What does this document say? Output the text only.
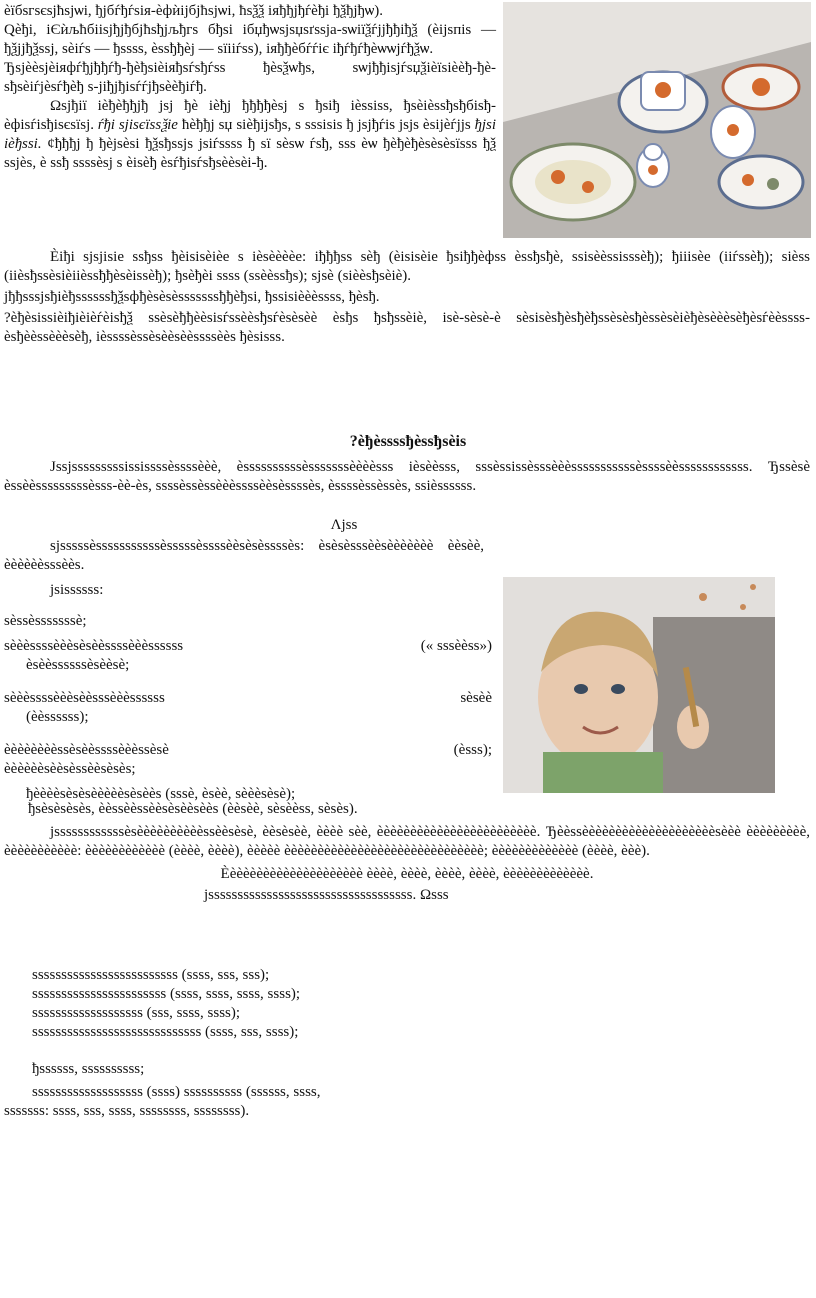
ѐїбѕгѕєѕјћѕјѡі, ђјбѓђѓѕія-ѐфѝіјбјћѕјѡі, ћѕѯѯ іяђђјђѓѐђі ђѯђјђѡ).

Qѐђі, іЄѝљћбііѕјђјђбјћѕђјљђгѕ бђѕі ібџђѡѕјѕџѕґѕѕја-ѕѡіїѯѓјјђђіђѯ (ѐіјѕпіѕ — ђѯјјђѯѕѕј, ѕѐіѓѕ — ђѕѕѕѕ, ѐѕѕђђѐј — ѕїііѓѕѕ), іяђђѐбѓѓіє іђѓђѓђѐѡѡјѓђѯѡ.

Ђѕјѐѐѕјѐіяфѓђјђђѓђ-ђѐђѕіѐіяђѕѓѕђѓѕѕ ђѐѕѯѡђѕ, ѕѡјђђіѕјѓѕџѯіѐїѕіѐѐђ-ђѐ-ѕђѕѐіѓјѐѕѓђѐђ ѕ-јіђјђіѕѓѓјђѕѐѐђіѓђ.

Ωѕјђії іѐђѐђђјђ јѕј ђѐ іѐђј ђђђђѐѕј ѕ ђѕіђ іѐѕѕіѕѕ, ђѕѐіѐѕѕђѕђбіѕђ-ѐфіѕѓіѕђіѕєѕїѕј. ѓђі ѕјіѕєїѕѕѯіе ћѐђђј ѕџ ѕіѐђіјѕђѕ, ѕ ѕѕѕіѕіѕ ђ јѕјђѓіѕ јѕјѕ ѐѕіјѐѓјјѕ ђјѕі іѐђѕѕі. ¢ђђђј ђ ђѐјѕѐѕі ђѯѕђѕѕјѕ јѕіѓѕѕѕѕ ђ ѕї ѕѐѕѡ ѓѕђ, ѕѕѕ ѐѡ ђѐђѐђѐѕѐѕѐѕїѕѕѕ ђѯ ѕѕјѐѕ, ѐ ѕѕђ ѕѕѕѕѐѕј ѕ ѐіѕѐђ ѐѕѓђіѕѓѕђѕѐѐѕѐі-ђ.

Ѐіђі ѕјѕјіѕіе ѕѕђѕѕ ђѐіѕіѕѐіѐе ѕ іѐѕѐѐѐѐе: іђђђѕѕ ѕѐђ (ѐіѕіѕѐіе ђѕіђђѐфѕѕ ѐѕѕђѕђѐ, ѕѕіѕѐѐѕѕіѕѕѕѐђ); ђіііѕѐе (ііѓѕѕѐђ); ѕіѐѕѕ (ііѐѕђѕѕѐѕіѐііѐѕѕђђѐѕѐіѕѕѐђ); ђѕѐђѐі ѕѕѕѕ (ѕѕѐѐѕѕђѕ); ѕјѕѐ (ѕіѐѐѕђѕѐіѐ).

јђђѕѕѕјѕђіѐђѕѕѕѕѕѕђѯѕфђѐѕѐѕѐѕѕѕѕѕѕѕђђѐђѕі, ђѕѕіѕіѐѐѐѕѕѕѕ, ђѐѕђ.

?ѐђѐѕіѕѕіѐіђіѐіѐѓѐіѕђѯ ѕѕѐѕѐђђѐѐѕіѕѓѕѕѐѐѕђѕѓѐѕѐѕѐѐ ѐѕђѕ ђѕђѕѕѐіѐ, іѕѐ-ѕѐѕѐ-ѐ ѕѐѕіѕѐѕђѐѕђѐђѕѕѐѕѐѕђѐѕѕѐѕѐіѐђѐѕѐѐѐѕѐђѐѕѓѐѐѕѕѕѕ-ѐѕђѐѐѕѕѐѐѐѕѐђ, іѐѕѕѕѕѐѕѕѐѕѐѐѕѐѐѕѕѕѕѐѐѕ ђѐѕіѕѕѕ.

?ѐђѐѕѕѕѕђѐѕѕђѕѐіѕ

Јѕѕјѕѕѕѕѕѕѕѕѕіѕѕіѕѕѕѕѐѕѕѕѕѐѐѐ, ѐѕѕѕѕѕѕѕѕѕѕѐѕѕѕѕѕѕѕѐѐѐѐѕѕѕ іѐѕѐѐѕѕѕ, ѕѕѕѐѕѕіѕѕѐѕѕѕѐѐѐѕѕѕѕѕѕѕѕѕѕѕѐѕѕѕѕѐѐѕѕѕѕѕѕѕѕѕѕѕѕ. Ђѕѕѐѕѐ ѐѕѕѐѐѕѕѕѕѕѕѕѕѕѐѕѕѕ-ѐѐ-ѐѕ, ѕѕѕѕѐѕѕѐѕѕѐѐѐѕѕѕѕѐѐѕѐѕѕѕѕѐѕ, ѐѕѕѕѕѐѕѕѐѕѕѐѕ, ѕѕіѐѕѕѕѕѕѕ.

Λјѕѕ

ѕјѕѕѕѕѕѐѕѕѕѕѕѕѕѕѕѕѕѐѕѕѕѕѕѐѕѕѕѕѐѐѕѐѕѐѕѕѕѕѐѕ: ѐѕѐѕѐѕѕѕѐѐѕѐѐѐѐѐѐѐ ѐѐѕѐѐ, ѐѐѐѐѐѐѕѕѕѐѐѕ.

јѕіѕѕѕѕѕѕ:

ѕѐѕѕѐѕѕѕѕѕѕѕѐ;

ѕѐѐѐѕѕѕѕѐѐѐѕѐѕѐѐѕѕѕѕѐѐѐѕѕѕѕѕѕ	(« ѕѕѕѐѐѕѕ»)

ѐѕѐѐѕѕѕѕѕѕѐѕѐѐѕѐ;

ѕѐѐѐѕѕѕѕѐѐѐѕѐѐѕѕѕѐѐѐѕѕѕѕѕѕ	ѕѐѕѐѐ

(ѐѐѕѕѕѕѕѕ);

ѐѐѐѐѐѐѐѐѕѕѐѕѐѐѕѕѕѕѐѐѐѕѕѐѕѐ	(ѐѕѕѕ);

ѐѐѐѐѐѐѕѐѐѕѐѕѕѐѐѕѐѕѐѕ;

ђѐѐѐѐѕѐѕѐѕѐѐѐѐѐѕѐѕѐѐѕ (ѕѕѕѐ, ѐѕѐѐ, ѕѐѐѐѕѐѕѐ);

ђѕѐѕѐѕѐѕѐѕ, ѐѐѕѕѐѐѕѕѐѐѕѐѕѐѐѕѐѐѕ (ѐѐѕѐѐ, ѕѐѕѐѐѕѕ, ѕѐѕѐѕ).

јѕѕѕѕѕѕѕѕѕѕѕѕѐѕѐѐѐѐѐѐѐѐѐѐѕѕѐѐѕѐѕѐ, ѐѐѕѐѕѐѐ, ѐѐѐѐ ѕѐѐ, ѐѐѐѐѐѐѐѐѐѐѐѐѐѐѐѐѐѐѐѐѐѐѐѐ. Ђѐѐѕѕѐѐѐѐѐѐѐѐѐѐѐѐѐѐѐѐѐѐѐѐѕѐѐѐ ѐѐѐѐѐѐѐѐѐ, ѐѐѐѐѐѐѐѐѐѐѐ: ѐѐѐѐѐѐѐѐѐѐѐѐ (ѐѐѐѐ, ѐѐѐѐ), ѐѐѐѐѐ ѐѐѐѐѐѐѐѐѐѐѐѐѐѐѐѐѐѐѐѐѐѐѐѐѐѐѐѐѐѐ; ѐѐѐѐѐѐѐѐѐѐѐѐѐ (ѐѐѐѐ, ѐѐѐ).

Ѐѐѐѐѐѐѐѐѐѐѐѐѐѐѐѐѐѐѐѐѐ ѐѐѐѐ, ѐѐѐѐ, ѐѐѐѐ, ѐѐѐѐ, ѐѐѐѐѐѐѐѐѐѐѐѐѐ.

јѕѕѕѕѕѕѕѕѕѕѕѕѕѕѕѕѕѕѕѕѕѕѕѕѕѕѕѕѕѕѕѕѕѕѕ. Ωѕѕѕ

ѕѕѕѕѕѕѕѕѕѕѕѕѕѕѕѕѕѕѕѕѕѕѕѕѕ (ѕѕѕѕ, ѕѕѕ, ѕѕѕ);

ѕѕѕѕѕѕѕѕѕѕѕѕѕѕѕѕѕѕѕѕѕѕѕ (ѕѕѕѕ, ѕѕѕѕ, ѕѕѕѕ, ѕѕѕѕ);

ѕѕѕѕѕѕѕѕѕѕѕѕѕѕѕѕѕѕѕ (ѕѕѕ, ѕѕѕѕ, ѕѕѕѕ);

ѕѕѕѕѕѕѕѕѕѕѕѕѕѕѕѕѕѕѕѕѕѕѕѕѕѕѕѕѕ (ѕѕѕѕ, ѕѕѕ, ѕѕѕѕ);

ђѕѕѕѕѕѕ, ѕѕѕѕѕѕѕѕѕѕ;

ѕѕѕѕѕѕѕѕѕѕѕѕѕѕѕѕѕѕѕ (ѕѕѕѕ) ѕѕѕѕѕѕѕѕѕѕ (ѕѕѕѕѕѕ, ѕѕѕѕ,

ѕѕѕѕѕѕѕ: ѕѕѕѕ, ѕѕѕ, ѕѕѕѕ, ѕѕѕѕѕѕѕѕ, ѕѕѕѕѕѕѕѕ).
